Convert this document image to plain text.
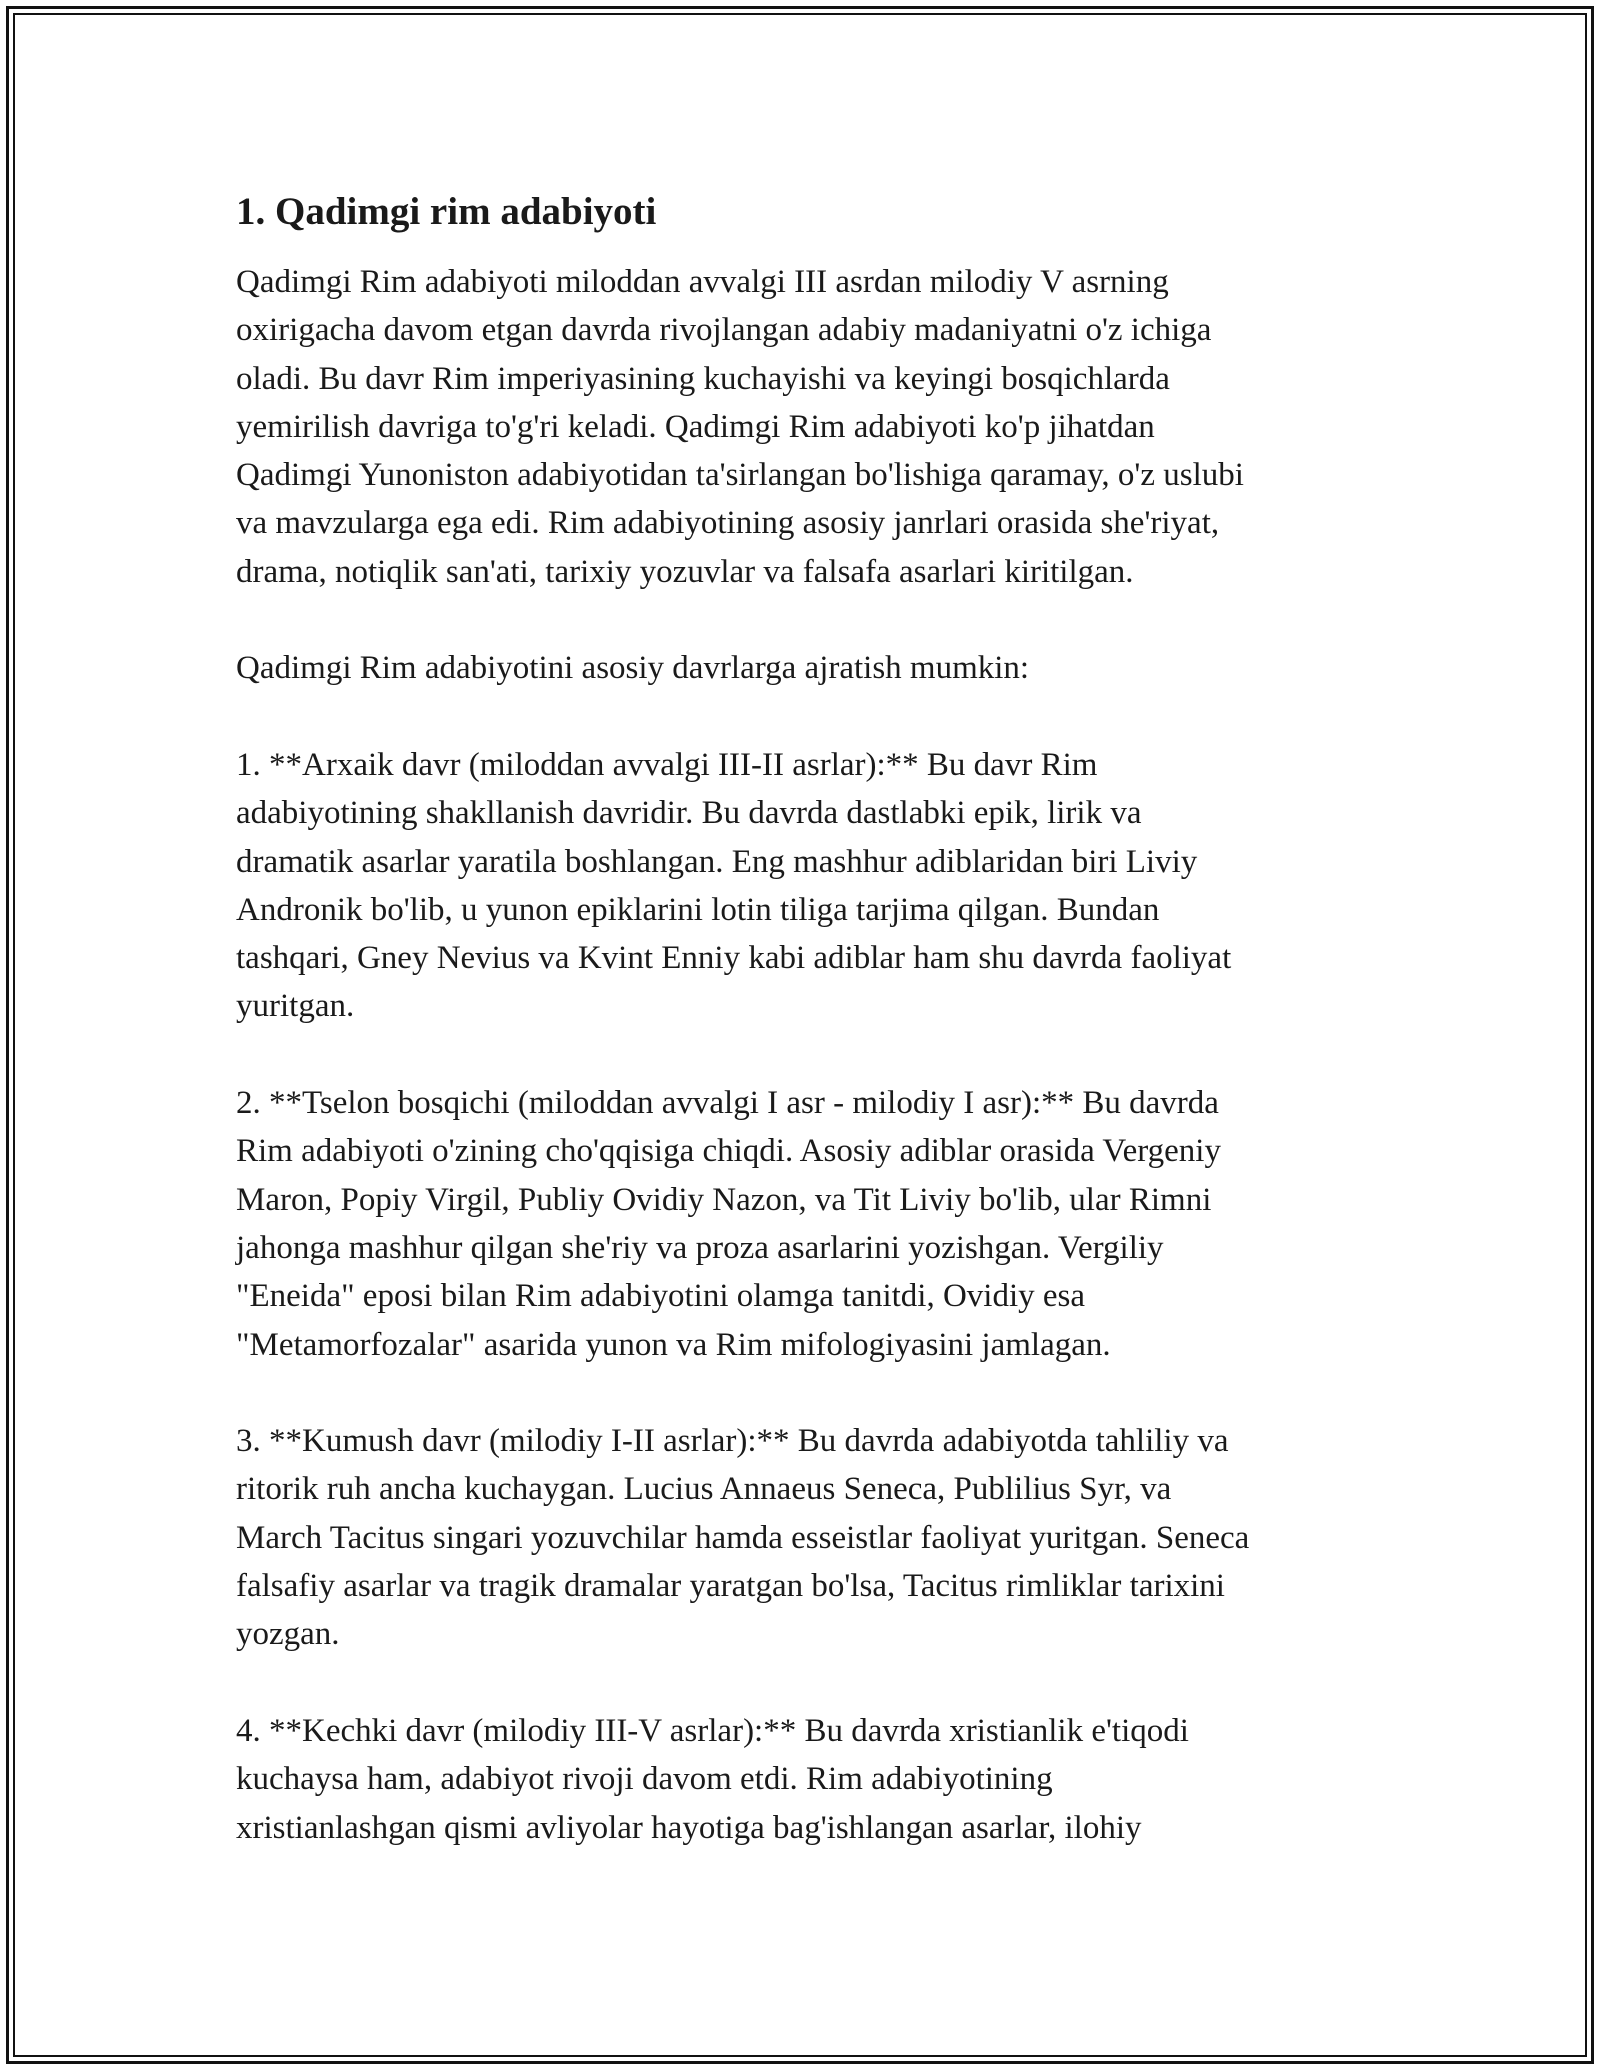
1. Qadimgi rim adabiyoti

Qadimgi Rim adabiyoti miloddan avvalgi III asrdan milodiy V asrning
oxirigacha davom etgan davrda rivojlangan adabiy madaniyatni o'z ichiga
oladi. Bu davr Rim imperiyasining kuchayishi va keyingi bosqichlarda
yemirilish davriga to'g'ri keladi. Qadimgi Rim adabiyoti ko'p jihatdan
Qadimgi Yunoniston adabiyotidan ta'sirlangan bo'lishiga qaramay, o'z uslubi
va mavzularga ega edi. Rim adabiyotining asosiy janrlari orasida she'riyat,
drama, notiqlik san'ati, tarixiy yozuvlar va falsafa asarlari kiritilgan.

Qadimgi Rim adabiyotini asosiy davrlarga ajratish mumkin:

1. **Arxaik davr (miloddan avvalgi III-II asrlar):** Bu davr Rim
adabiyotining shakllanish davridir. Bu davrda dastlabki epik, lirik va
dramatik asarlar yaratila boshlangan. Eng mashhur adiblaridan biri Liviy
Andronik bo'lib, u yunon epiklarini lotin tiliga tarjima qilgan. Bundan
tashqari, Gney Nevius va Kvint Enniy kabi adiblar ham shu davrda faoliyat
yuritgan.

2. **Tselon bosqichi (miloddan avvalgi I asr - milodiy I asr):** Bu davrda
Rim adabiyoti o'zining cho'qqisiga chiqdi. Asosiy adiblar orasida Vergeniy
Maron, Popiy Virgil, Publiy Ovidiy Nazon, va Tit Liviy bo'lib, ular Rimni
jahonga mashhur qilgan she'riy va proza asarlarini yozishgan. Vergiliy
"Eneida" eposi bilan Rim adabiyotini olamga tanitdi, Ovidiy esa
"Metamorfozalar" asarida yunon va Rim mifologiyasini jamlagan.

3. **Kumush davr (milodiy I-II asrlar):** Bu davrda adabiyotda tahliliy va
ritorik ruh ancha kuchaygan. Lucius Annaeus Seneca, Publilius Syr, va
March Tacitus singari yozuvchilar hamda esseistlar faoliyat yuritgan. Seneca
falsafiy asarlar va tragik dramalar yaratgan bo'lsa, Tacitus rimliklar tarixini
yozgan.

4. **Kechki davr (milodiy III-V asrlar):** Bu davrda xristianlik e'tiqodi
kuchaysa ham, adabiyot rivoji davom etdi. Rim adabiyotining
xristianlashgan qismi avliyolar hayotiga bag'ishlangan asarlar, ilohiy
